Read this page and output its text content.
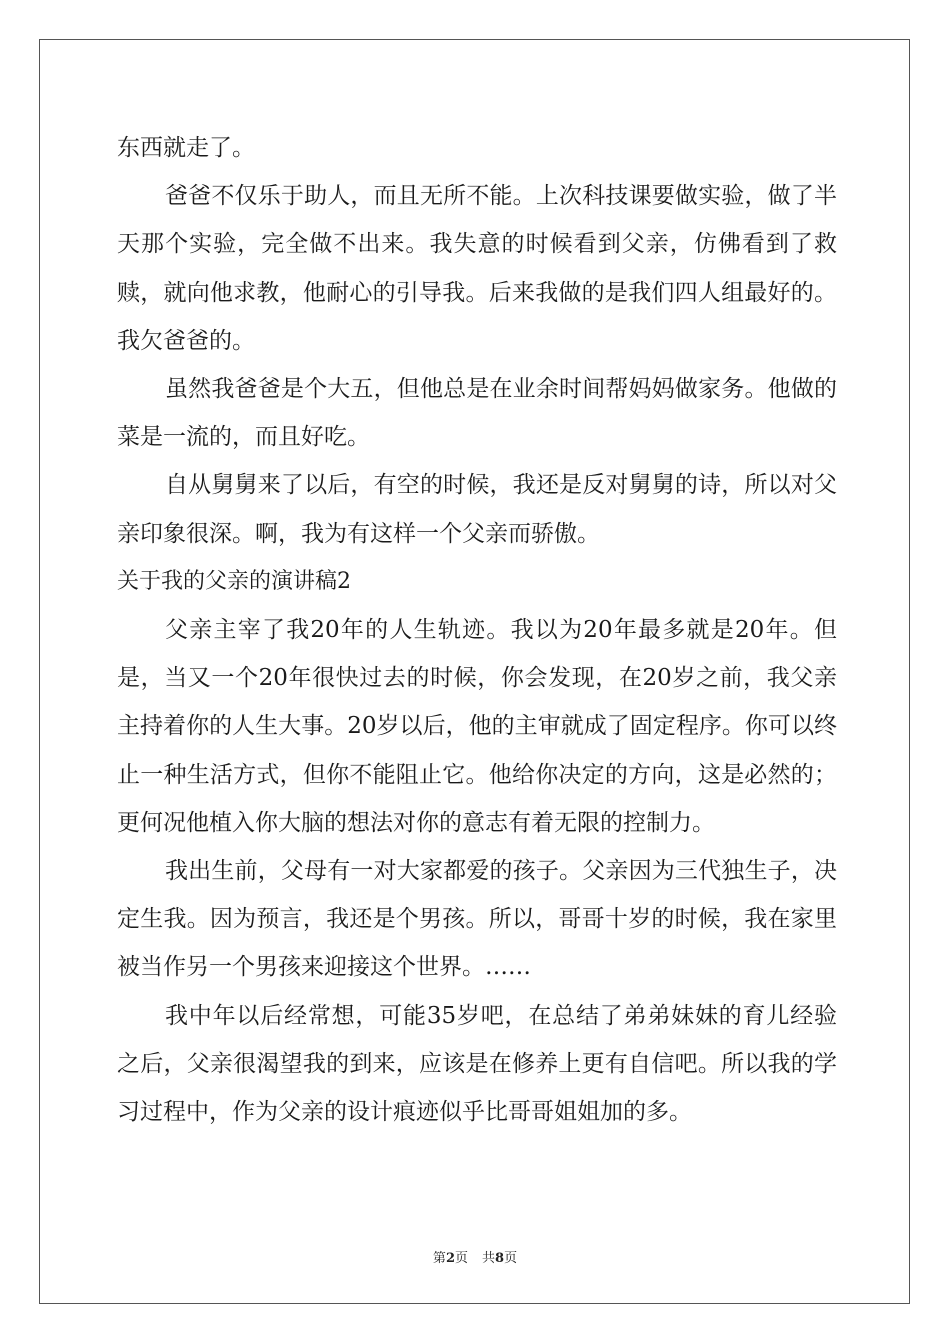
东西就走了。

爸爸不仅乐于助人，而且无所不能。上次科技课要做实验，做了半天那个实验，完全做不出来。我失意的时候看到父亲，仿佛看到了救赎，就向他求教，他耐心的引导我。后来我做的是我们四人组最好的。我欠爸爸的。

虽然我爸爸是个大五，但他总是在业余时间帮妈妈做家务。他做的菜是一流的，而且好吃。

自从舅舅来了以后，有空的时候，我还是反对舅舅的诗，所以对父亲印象很深。啊，我为有这样一个父亲而骄傲。

关于我的父亲的演讲稿2

父亲主宰了我20年的人生轨迹。我以为20年最多就是20年。但是，当又一个20年很快过去的时候，你会发现，在20岁之前，我父亲主持着你的人生大事。20岁以后，他的主审就成了固定程序。你可以终止一种生活方式，但你不能阻止它。他给你决定的方向，这是必然的；更何况他植入你大脑的想法对你的意志有着无限的控制力。

我出生前，父母有一对大家都爱的孩子。父亲因为三代独生子，决定生我。因为预言，我还是个男孩。所以，哥哥十岁的时候，我在家里被当作另一个男孩来迎接这个世界。……

我中年以后经常想，可能35岁吧，在总结了弟弟妹妹的育儿经验之后，父亲很渴望我的到来，应该是在修养上更有自信吧。所以我的学习过程中，作为父亲的设计痕迹似乎比哥哥姐姐加的多。

第2页 共8页
